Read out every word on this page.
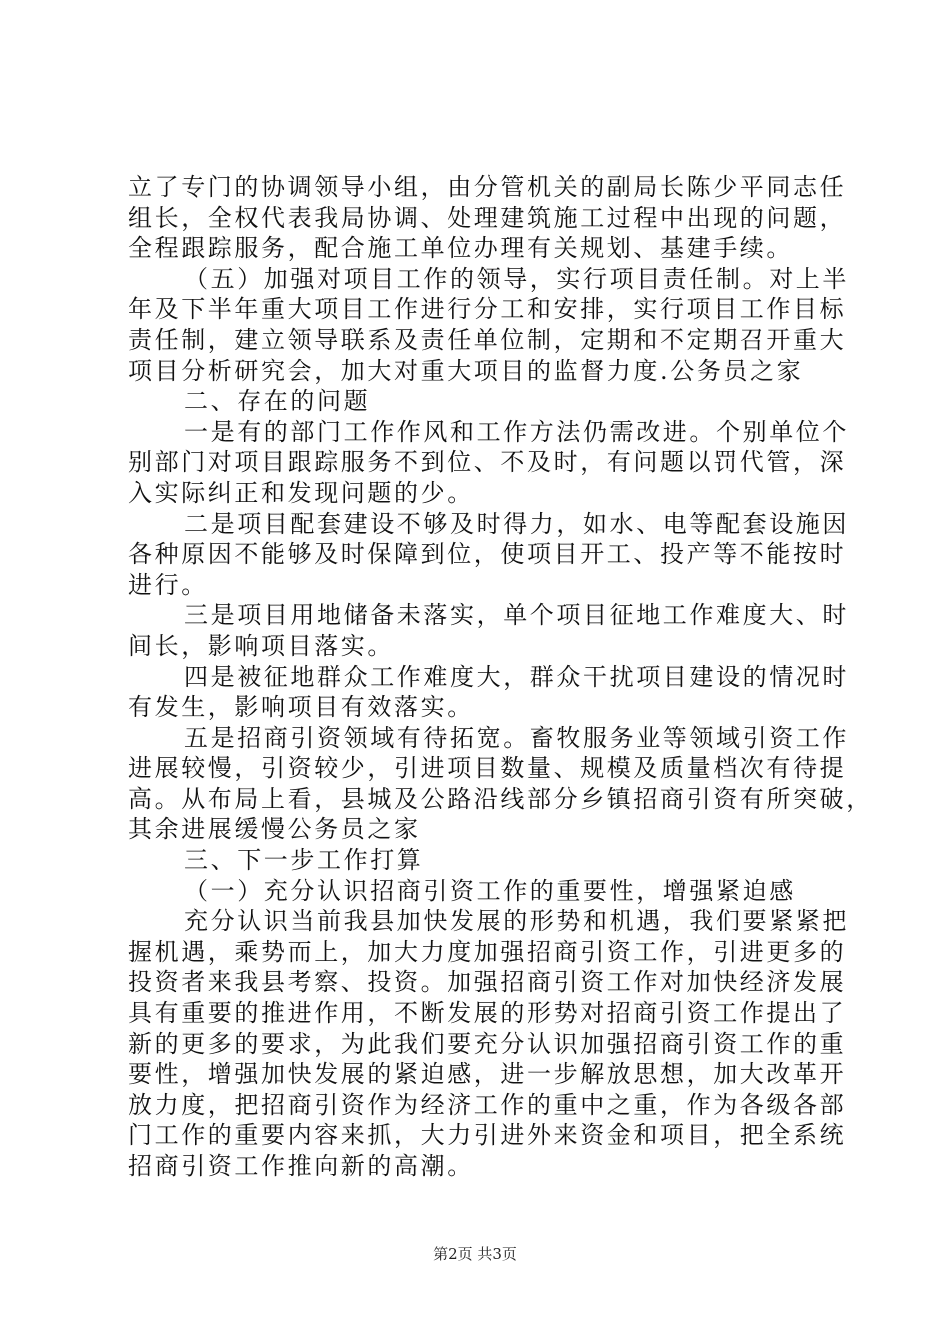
立了专门的协调领导小组，由分管机关的副局长陈少平同志任
组长，全权代表我局协调、处理建筑施工过程中出现的问题，
全程跟踪服务，配合施工单位办理有关规划、基建手续。
（五）加强对项目工作的领导，实行项目责任制。对上半
年及下半年重大项目工作进行分工和安排，实行项目工作目标
责任制，建立领导联系及责任单位制，定期和不定期召开重大
项目分析研究会，加大对重大项目的监督力度.公务员之家
二、存在的问题
一是有的部门工作作风和工作方法仍需改进。个别单位个
别部门对项目跟踪服务不到位、不及时，有问题以罚代管，深
入实际纠正和发现问题的少。
二是项目配套建设不够及时得力，如水、电等配套设施因
各种原因不能够及时保障到位，使项目开工、投产等不能按时
进行。
三是项目用地储备未落实，单个项目征地工作难度大、时
间长，影响项目落实。
四是被征地群众工作难度大，群众干扰项目建设的情况时
有发生，影响项目有效落实。
五是招商引资领域有待拓宽。畜牧服务业等领域引资工作
进展较慢，引资较少，引进项目数量、规模及质量档次有待提
高。从布局上看，县城及公路沿线部分乡镇招商引资有所突破，
其余进展缓慢公务员之家
三、下一步工作打算
（一）充分认识招商引资工作的重要性，增强紧迫感
充分认识当前我县加快发展的形势和机遇，我们要紧紧把
握机遇，乘势而上，加大力度加强招商引资工作，引进更多的
投资者来我县考察、投资。加强招商引资工作对加快经济发展
具有重要的推进作用，不断发展的形势对招商引资工作提出了
新的更多的要求，为此我们要充分认识加强招商引资工作的重
要性，增强加快发展的紧迫感，进一步解放思想，加大改革开
放力度，把招商引资作为经济工作的重中之重，作为各级各部
门工作的重要内容来抓，大力引进外来资金和项目，把全系统
招商引资工作推向新的高潮。
第2页 共3页
